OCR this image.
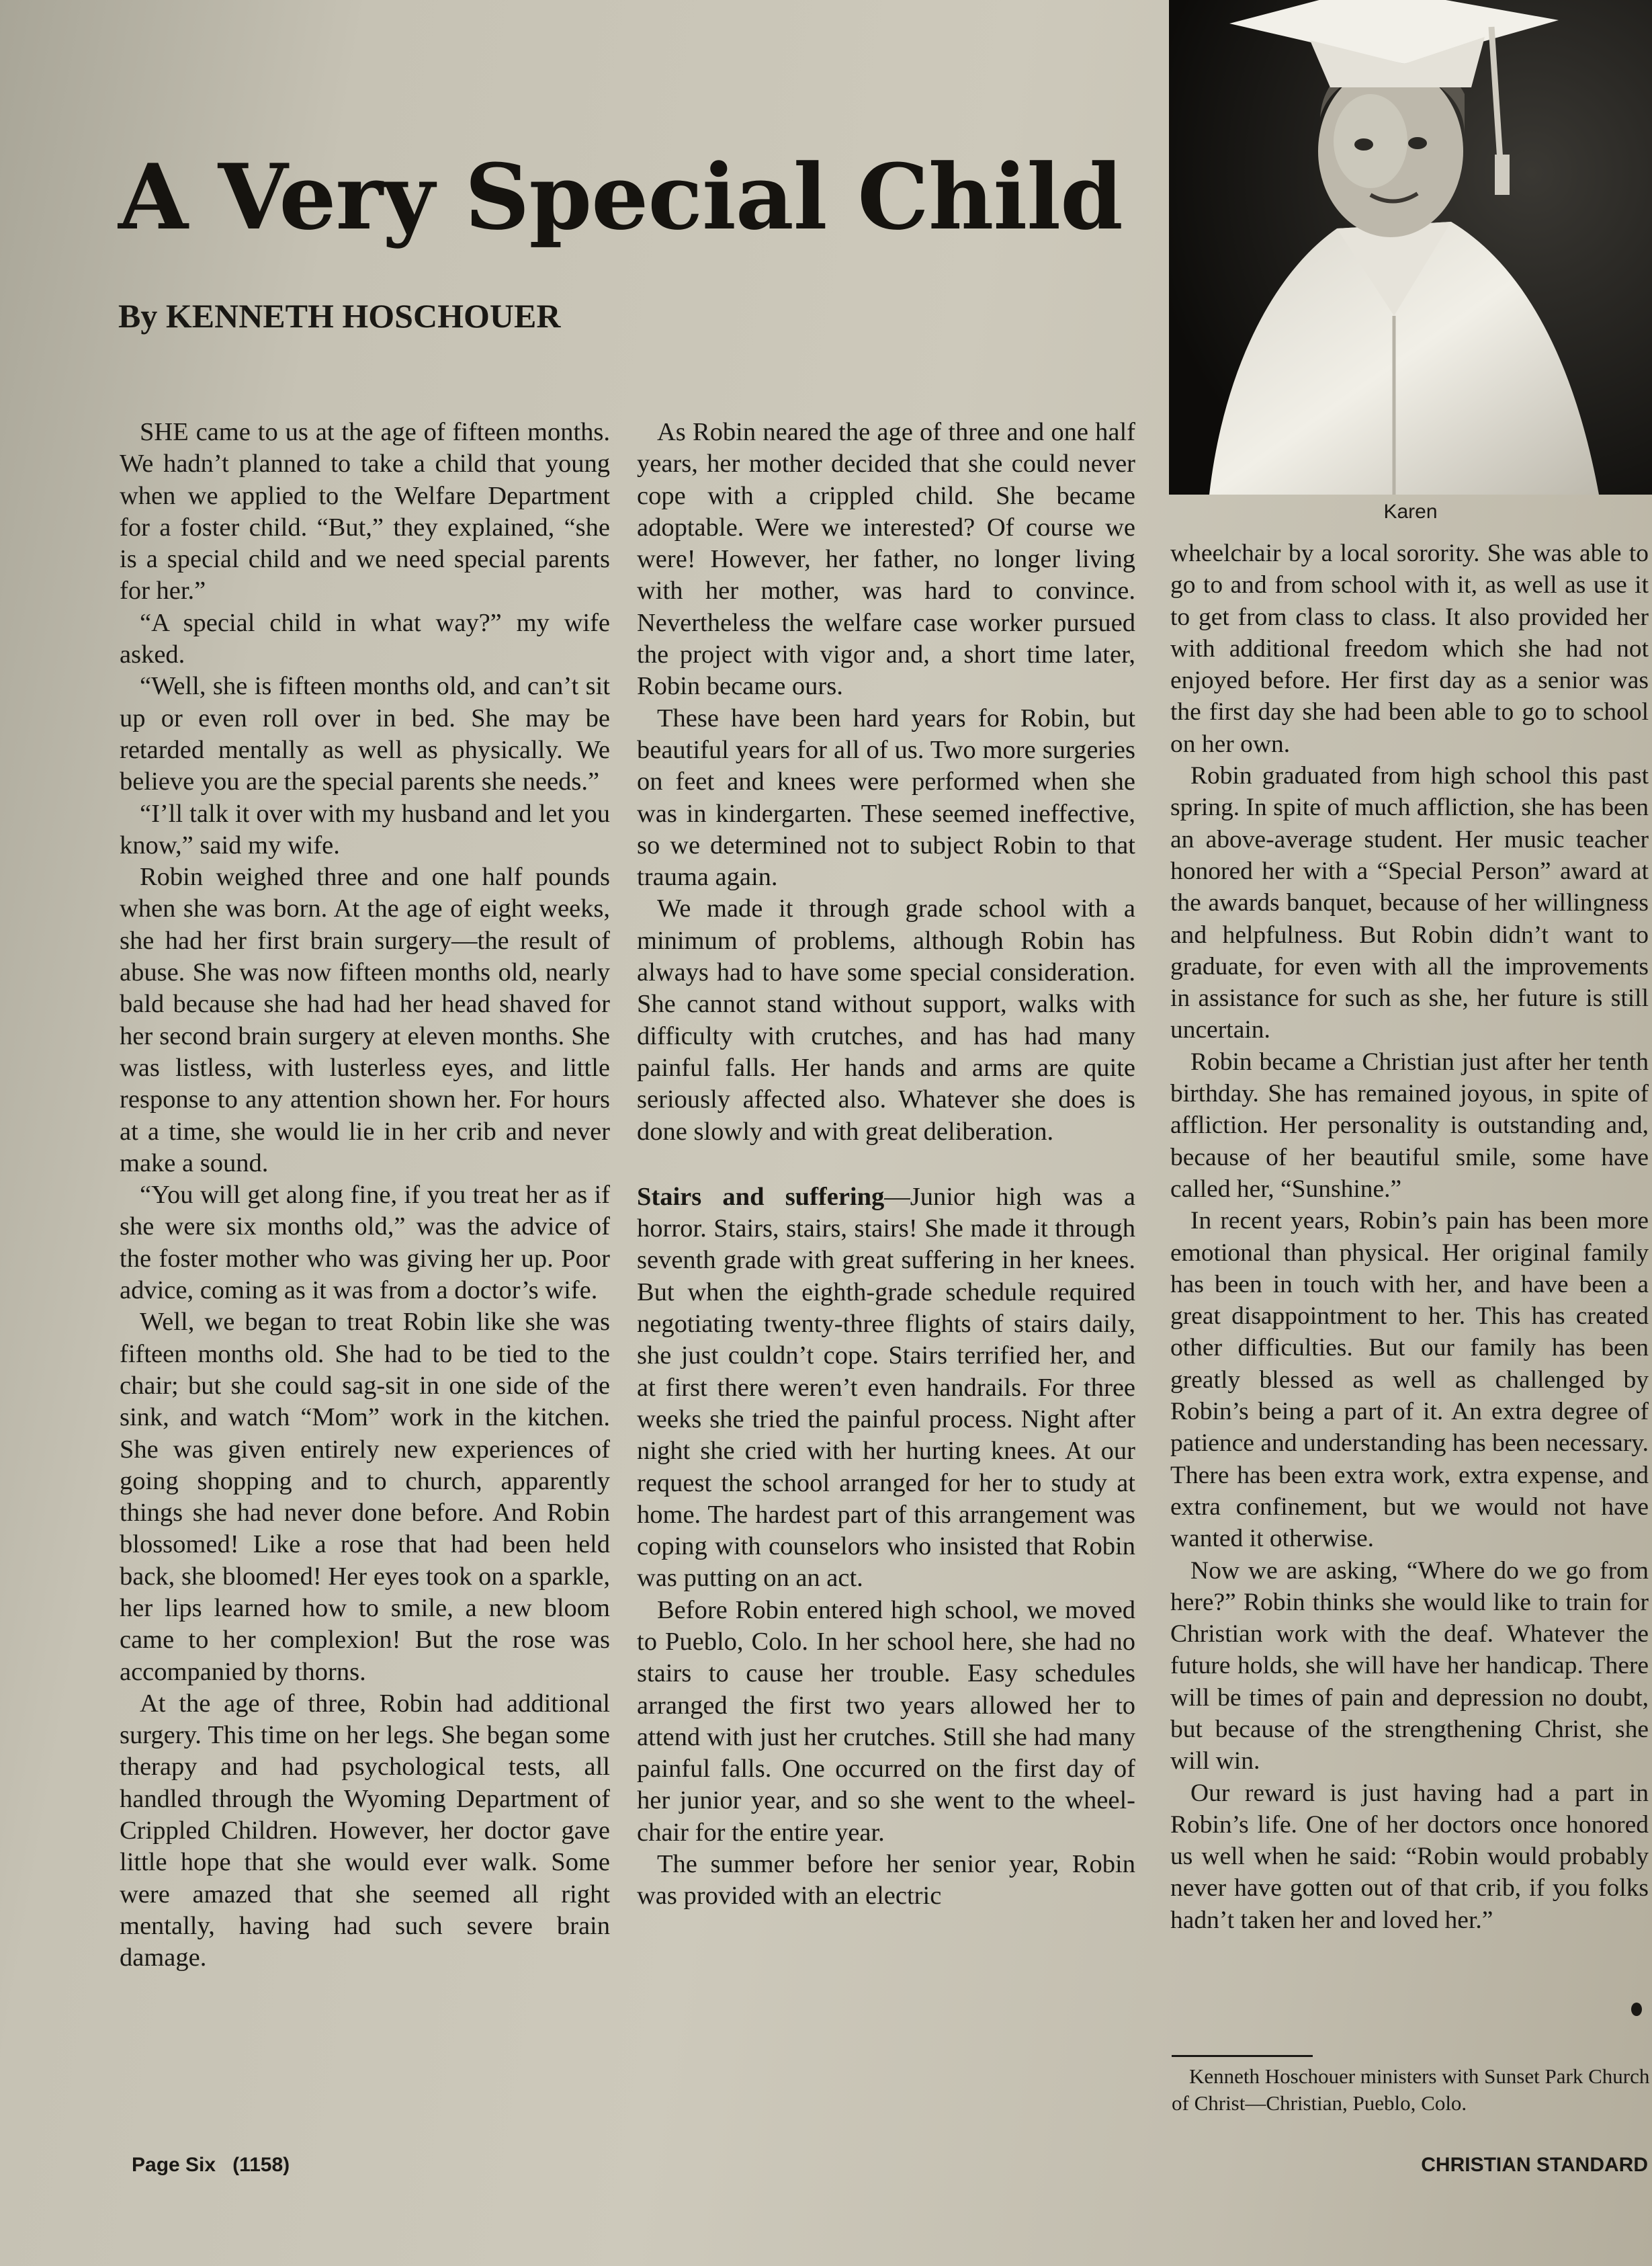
A Very Special Child
By KENNETH HOSCHOUER
Karen

SHE came to us at the age of fifteen months. We hadn’t planned to take a child that young when we applied to the Welfare Department for a foster child. “But,” they explained, “she is a special child and we need special parents for her.”

“A special child in what way?” my wife asked.

“Well, she is fifteen months old, and can’t sit up or even roll over in bed. She may be retarded mentally as well as physically. We believe you are the special parents she needs.”

“I’ll talk it over with my husband and let you know,” said my wife.

Robin weighed three and one half pounds when she was born. At the age of eight weeks, she had her first brain surgery—the result of abuse. She was now fifteen months old, nearly bald because she had had her head shaved for her second brain surgery at eleven months. She was listless, with lusterless eyes, and little response to any attention shown her. For hours at a time, she would lie in her crib and never make a sound.

“You will get along fine, if you treat her as if she were six months old,” was the advice of the foster mother who was giving her up. Poor advice, coming as it was from a doctor’s wife.

Well, we began to treat Robin like she was fifteen months old. She had to be tied to the chair; but she could sag-sit in one side of the sink, and watch “Mom” work in the kitchen. She was given entirely new experiences of going shopping and to church, apparently things she had never done before. And Robin blossomed! Like a rose that had been held back, she bloomed! Her eyes took on a sparkle, her lips learned how to smile, a new bloom came to her complexion! But the rose was accompanied by thorns.

At the age of three, Robin had additional surgery. This time on her legs. She began some therapy and had psychological tests, all handled through the Wyoming Department of Crippled Children. However, her doctor gave little hope that she would ever walk. Some were amazed that she seemed all right mentally, having had such severe brain damage.

As Robin neared the age of three and one half years, her mother decided that she could never cope with a crippled child. She became adoptable. Were we interested? Of course we were! However, her father, no longer living with her mother, was hard to convince. Nevertheless the welfare case worker pursued the project with vigor and, a short time later, Robin became ours.

These have been hard years for Robin, but beautiful years for all of us. Two more surgeries on feet and knees were performed when she was in kindergarten. These seemed ineffective, so we determined not to subject Robin to that trauma again.

We made it through grade school with a minimum of problems, although Robin has always had to have some special consideration. She cannot stand without support, walks with difficulty with crutches, and has had many painful falls. Her hands and arms are quite seriously affected also. Whatever she does is done slowly and with great deliberation.

Stairs and suffering—Junior high was a horror. Stairs, stairs, stairs! She made it through seventh grade with great suffering in her knees. But when the eighth-grade schedule required negotiating twenty-three flights of stairs daily, she just couldn’t cope. Stairs terrified her, and at first there weren’t even handrails. For three weeks she tried the painful process. Night after night she cried with her hurting knees. At our request the school arranged for her to study at home. The hardest part of this arrangement was coping with counselors who insisted that Robin was putting on an act.

Before Robin entered high school, we moved to Pueblo, Colo. In her school here, she had no stairs to cause her trouble. Easy schedules arranged the first two years allowed her to attend with just her crutches. Still she had many painful falls. One occurred on the first day of her junior year, and so she went to the wheelchair for the entire year.

The summer before her senior year, Robin was provided with an electric

wheelchair by a local sorority. She was able to go to and from school with it, as well as use it to get from class to class. It also provided her with additional freedom which she had not enjoyed before. Her first day as a senior was the first day she had been able to go to school on her own.

Robin graduated from high school this past spring. In spite of much affliction, she has been an above-average student. Her music teacher honored her with a “Special Person” award at the awards banquet, because of her willingness and helpfulness. But Robin didn’t want to graduate, for even with all the improvements in assistance for such as she, her future is still uncertain.

Robin became a Christian just after her tenth birthday. She has remained joyous, in spite of affliction. Her personality is outstanding and, because of her beautiful smile, some have called her, “Sunshine.”

In recent years, Robin’s pain has been more emotional than physical. Her original family has been in touch with her, and have been a great disappointment to her. This has created other difficulties. But our family has been greatly blessed as well as challenged by Robin’s being a part of it. An extra degree of patience and understanding has been necessary. There has been extra work, extra expense, and extra confinement, but we would not have wanted it otherwise.

Now we are asking, “Where do we go from here?” Robin thinks she would like to train for Christian work with the deaf. Whatever the future holds, she will have her handicap. There will be times of pain and depression no doubt, but because of the strengthening Christ, she will win.

Our reward is just having had a part in Robin’s life. One of her doctors once honored us well when he said: “Robin would probably never have gotten out of that crib, if you folks hadn’t taken her and loved her.”

Kenneth Hoschouer ministers with Sunset Park Church of Christ—Christian, Pueblo, Colo.

Page Six   (1158)	CHRISTIAN STANDARD
